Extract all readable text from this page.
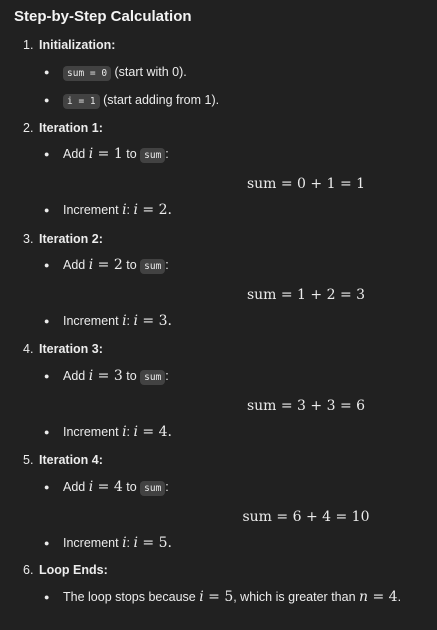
Step-by-Step Calculation
1. Initialization:
● sum = 0 (start with 0).
● i = 1 (start adding from 1).
2. Iteration 1:
● Add i = 1 to sum :
sum = 0 + 1 = 1
● Increment i: i = 2.
3. Iteration 2:
● Add i = 2 to sum :
sum = 1 + 2 = 3
● Increment i: i = 3.
4. Iteration 3:
● Add i = 3 to sum :
sum = 3 + 3 = 6
● Increment i: i = 4.
5. Iteration 4:
● Add i = 4 to sum :
sum = 6 + 4 = 10
● Increment i: i = 5.
6. Loop Ends:
● The loop stops because i = 5, which is greater than n = 4.
